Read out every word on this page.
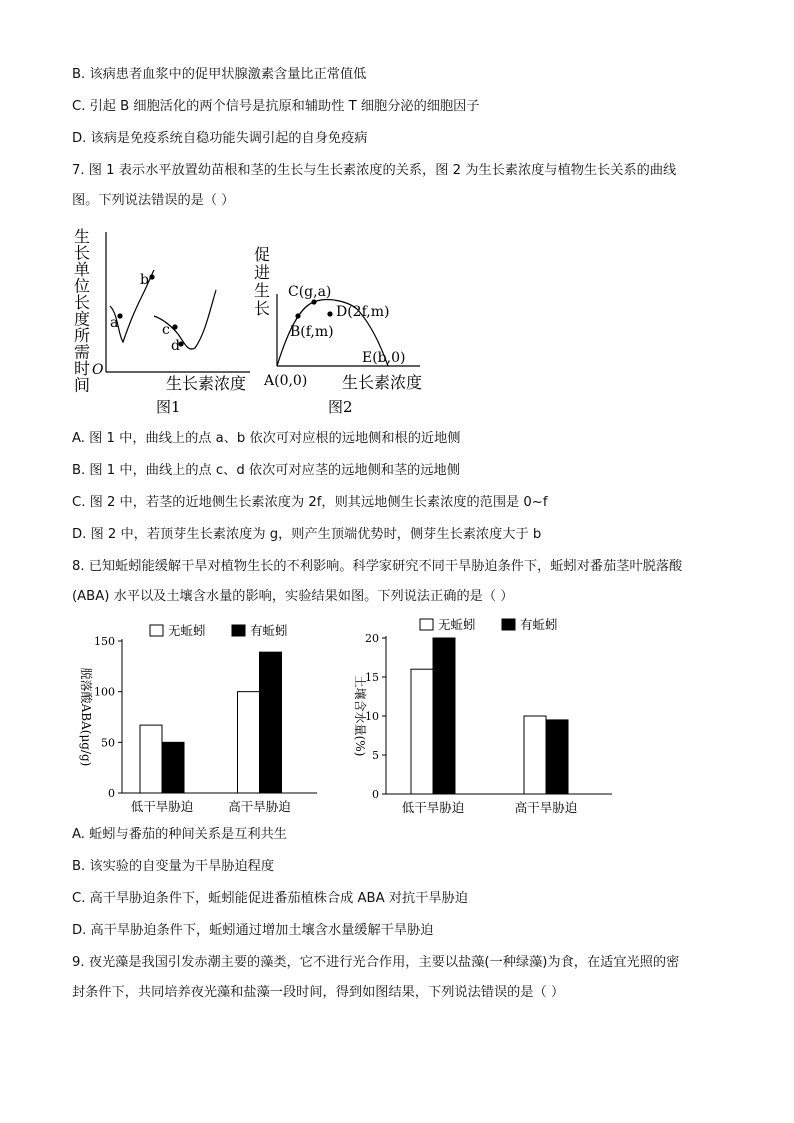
B. 该病患者血浆中的促甲状腺激素含量比正常值低
C. 引起 B 细胞活化的两个信号是抗原和辅助性 T 细胞分泌的细胞因子
D. 该病是免疫系统自稳功能失调引起的自身免疫病
7. 图 1 表示水平放置幼苗根和茎的生长与生长素浓度的关系，图 2 为生长素浓度与植物生长关系的曲线
图。下列说法错误的是（ ）
生
长
单
位
长
度
所
需
时
间
O
a
b
c
d
生长素浓度
图1
促
进
生
长
C(g,a)
D(2f,m)
B(f,m)
E(b,0)
A(0,0) 生长素浓度
图2
A. 图 1 中，曲线上的点 a、b 依次可对应根的远地侧和根的近地侧
B. 图 1 中，曲线上的点 c、d 依次可对应茎的远地侧和茎的远地侧
C. 图 2 中，若茎的近地侧生长素浓度为 2f，则其远地侧生长素浓度的范围是 0~f
D. 图 2 中，若顶芽生长素浓度为 g，则产生顶端优势时，侧芽生长素浓度大于 b
8. 已知蚯蚓能缓解干旱对植物生长的不利影响。科学家研究不同干旱胁迫条件下，蚯蚓对番茄茎叶脱落酸
(ABA) 水平以及土壤含水量的影响，实验结果如图。下列说法正确的是（ ）
0
50
100
150
脱落酸ABA(μg/g)
低干旱胁迫	高干旱胁迫
无蚯蚓	有蚯蚓
0
5
10
15
20
土壤含水量(%)
低干旱胁迫	高干旱胁迫
无蚯蚓	有蚯蚓
A. 蚯蚓与番茄的种间关系是互利共生
B. 该实验的自变量为干旱胁迫程度
C. 高干旱胁迫条件下，蚯蚓能促进番茄植株合成 ABA 对抗干旱胁迫
D. 高干旱胁迫条件下，蚯蚓通过增加土壤含水量缓解干旱胁迫
9. 夜光藻是我国引发赤潮主要的藻类，它不进行光合作用，主要以盐藻(一种绿藻)为食，在适宜光照的密
封条件下，共同培养夜光藻和盐藻一段时间，得到如图结果，下列说法错误的是（ ）
